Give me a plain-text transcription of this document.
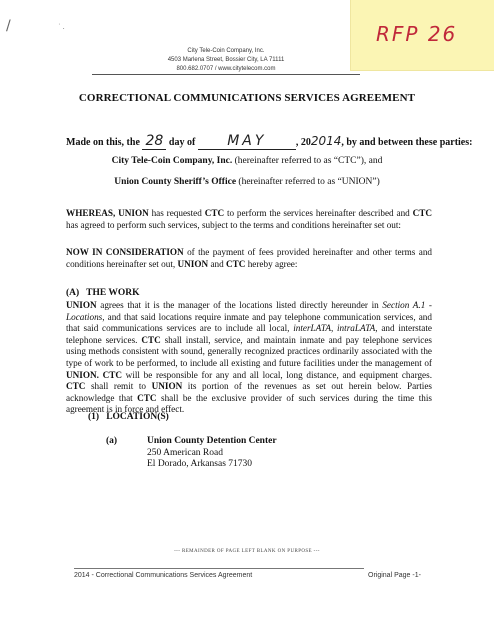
/	˙ .	RFP 26
City Tele-Coin Company, Inc.
4503 Marlena Street, Bossier City, LA 71111
800.682.0707 / www.citytelecom.com
CORRECTIONAL COMMUNICATIONS SERVICES AGREEMENT
Made on this, the 28 day of MAY	, 202014, by and between these parties:
City Tele-Coin Company, Inc. (hereinafter referred to as “CTC”), and
Union County Sheriff’s Office (hereinafter referred to as “UNION”)
WHEREAS, UNION has requested CTC to perform the services hereinafter described and CTC has agreed to perform such services, subject to the terms and conditions hereinafter set out:
NOW IN CONSIDERATION of the payment of fees provided hereinafter and other terms and conditions hereinafter set out, UNION and CTC hereby agree:
(A)   THE WORK
UNION agrees that it is the manager of the locations listed directly hereunder in Section A.1 - Locations, and that said locations require inmate and pay telephone communication services, and that said communications services are to include all local, interLATA, intraLATA, and interstate telephone services. CTC shall install, service, and maintain inmate and pay telephone services using methods consistent with sound, generally recognized practices ordinarily associated with the type of work to be performed, to include all existing and future facilities under the management of UNION. CTC will be responsible for any and all local, long distance, and equipment charges. CTC shall remit to UNION its portion of the revenues as set out herein below. Parties acknowledge that CTC shall be the exclusive provider of such services during the time this agreement is in force and effect.
(1)   LOCATION(S)
(a)	Union County Detention Center
250 American Road
El Dorado, Arkansas 71730
--- REMAINDER OF PAGE LEFT BLANK ON PURPOSE ---
2014 - Correctional Communications Services Agreement	Original Page -1-
